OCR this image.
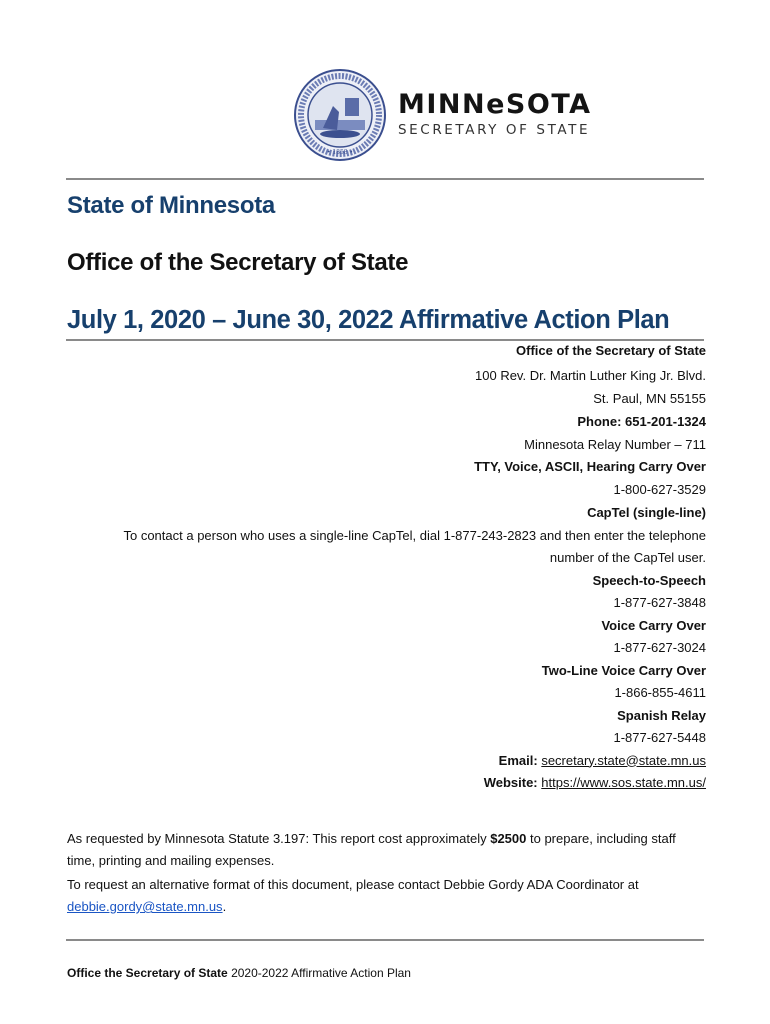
• 1858 •
MINNeSOTA
SECRETARY OF STATE
State of Minnesota
Office of the Secretary of State
July 1, 2020 – June 30, 2022 Affirmative Action Plan
Office of the Secretary of State
100 Rev. Dr. Martin Luther King Jr. Blvd.
St. Paul, MN 55155
Phone: 651-201-1324
Minnesota Relay Number – 711
TTY, Voice, ASCII, Hearing Carry Over
1-800-627-3529
CapTel (single-line)
To contact a person who uses a single-line CapTel, dial 1-877-243-2823 and then enter the telephone
number of the CapTel user.
Speech-to-Speech
1-877-627-3848
Voice Carry Over
1-877-627-3024
Two-Line Voice Carry Over
1-866-855-4611
Spanish Relay
1-877-627-5448
Email: secretary.state@state.mn.us
Website: https://www.sos.state.mn.us/
As requested by Minnesota Statute 3.197: This report cost approximately $2500 to prepare, including staff time, printing and mailing expenses.
To request an alternative format of this document, please contact Debbie Gordy ADA Coordinator at debbie.gordy@state.mn.us.
Office the Secretary of State 2020-2022 Affirmative Action Plan
